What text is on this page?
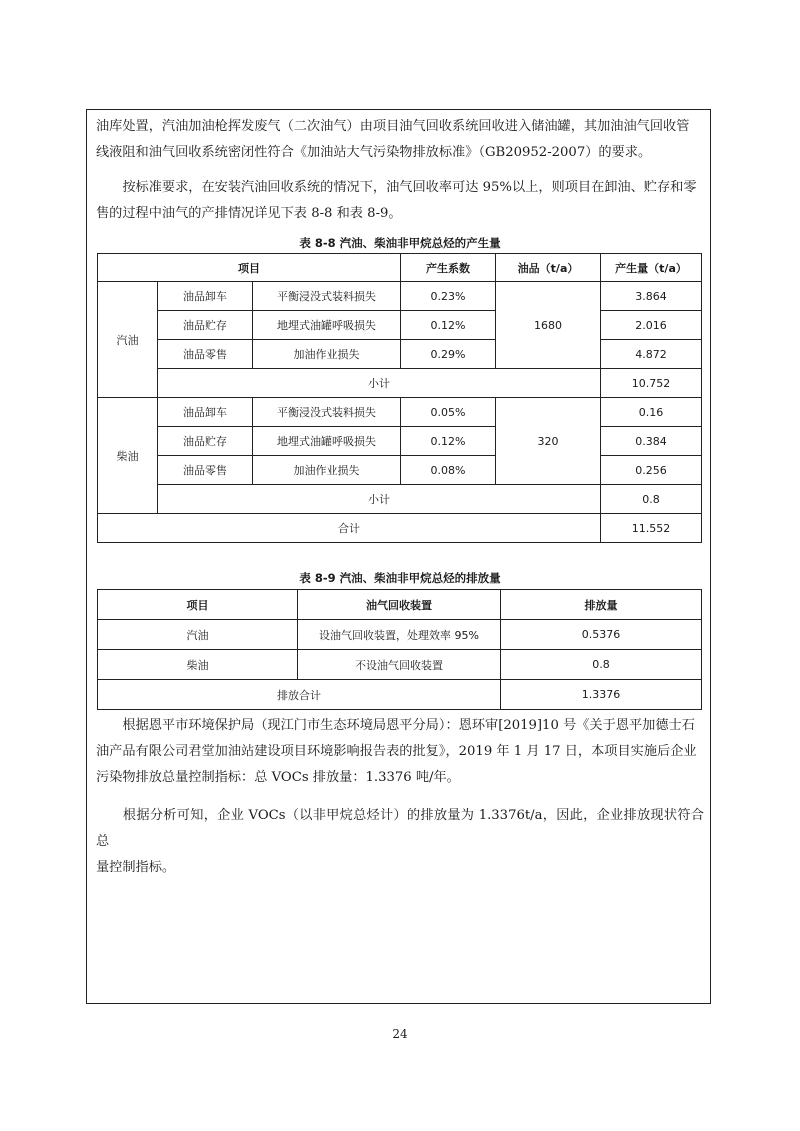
油库处置，汽油加油枪挥发废气（二次油气）由项目油气回收系统回收进入储油罐，其加油油气回收管
线液阻和油气回收系统密闭性符合《加油站大气污染物排放标准》（GB20952-2007）的要求。

　　按标准要求，在安装汽油回收系统的情况下，油气回收率可达 95%以上，则项目在卸油、贮存和零
售的过程中油气的产排情况详见下表 8-8 和表 8-9。

表 8-8 汽油、柴油非甲烷总烃的产生量
项目			产生系数	油品（t/a）	产生量（t/a）
汽油	油品卸车	平衡浸没式装料损失	0.23%	1680	3.864
	油品贮存	地埋式油罐呼吸损失	0.12%		2.016
	油品零售	加油作业损失	0.29%		4.872
	小计				10.752
柴油	油品卸车	平衡浸没式装料损失	0.05%	320	0.16
	油品贮存	地埋式油罐呼吸损失	0.12%		0.384
	油品零售	加油作业损失	0.08%		0.256
	小计				0.8
合计					11.552
表 8-9 汽油、柴油非甲烷总烃的排放量
项目	油气回收装置	排放量
汽油	设油气回收装置，处理效率 95%	0.5376
柴油	不设油气回收装置	0.8
排放合计		1.3376

　　根据恩平市环境保护局（现江门市生态环境局恩平分局）：恩环审[2019]10 号《关于恩平加德士石
油产品有限公司君堂加油站建设项目环境影响报告表的批复》，2019 年 1 月 17 日，本项目实施后企业
污染物排放总量控制指标：总 VOCs 排放量：1.3376 吨/年。

　　根据分析可知，企业 VOCs（以非甲烷总烃计）的排放量为 1.3376t/a，因此，企业排放现状符合总
量控制指标。

24
